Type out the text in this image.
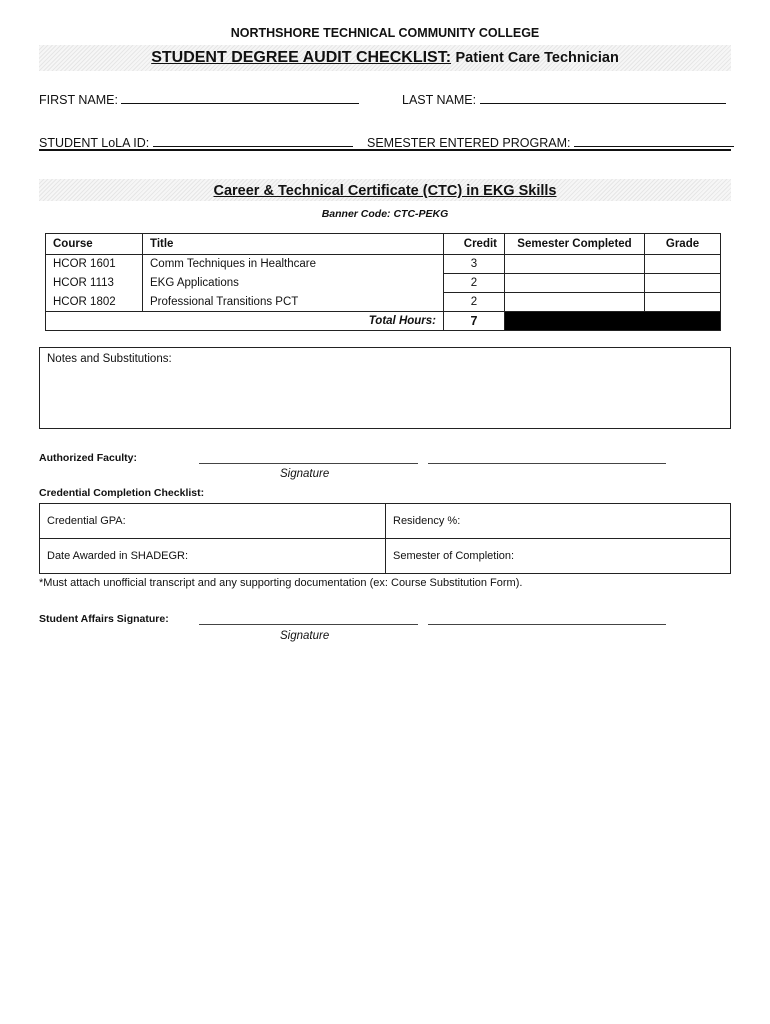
NORTHSHORE TECHNICAL COMMUNITY COLLEGE
STUDENT DEGREE AUDIT CHECKLIST: Patient Care Technician
FIRST NAME:	LAST NAME:
STUDENT LoLA ID:	SEMESTER ENTERED PROGRAM:
Career & Technical Certificate (CTC) in EKG Skills
Banner Code: CTC-PEKG
Course	Title	Credit	Semester Completed	Grade
HCOR 1601	Comm Techniques in Healthcare	3		
HCOR 1113	EKG Applications	2		
HCOR 1802	Professional Transitions PCT	2		
Total Hours:		7		
Notes and Substitutions:
Authorized Faculty:
Signature
Credential Completion Checklist:
Credential GPA:	Residency %:
Date Awarded in SHADEGR:	Semester of Completion:
*Must attach unofficial transcript and any supporting documentation (ex: Course Substitution Form).
Student Affairs Signature:
Signature
